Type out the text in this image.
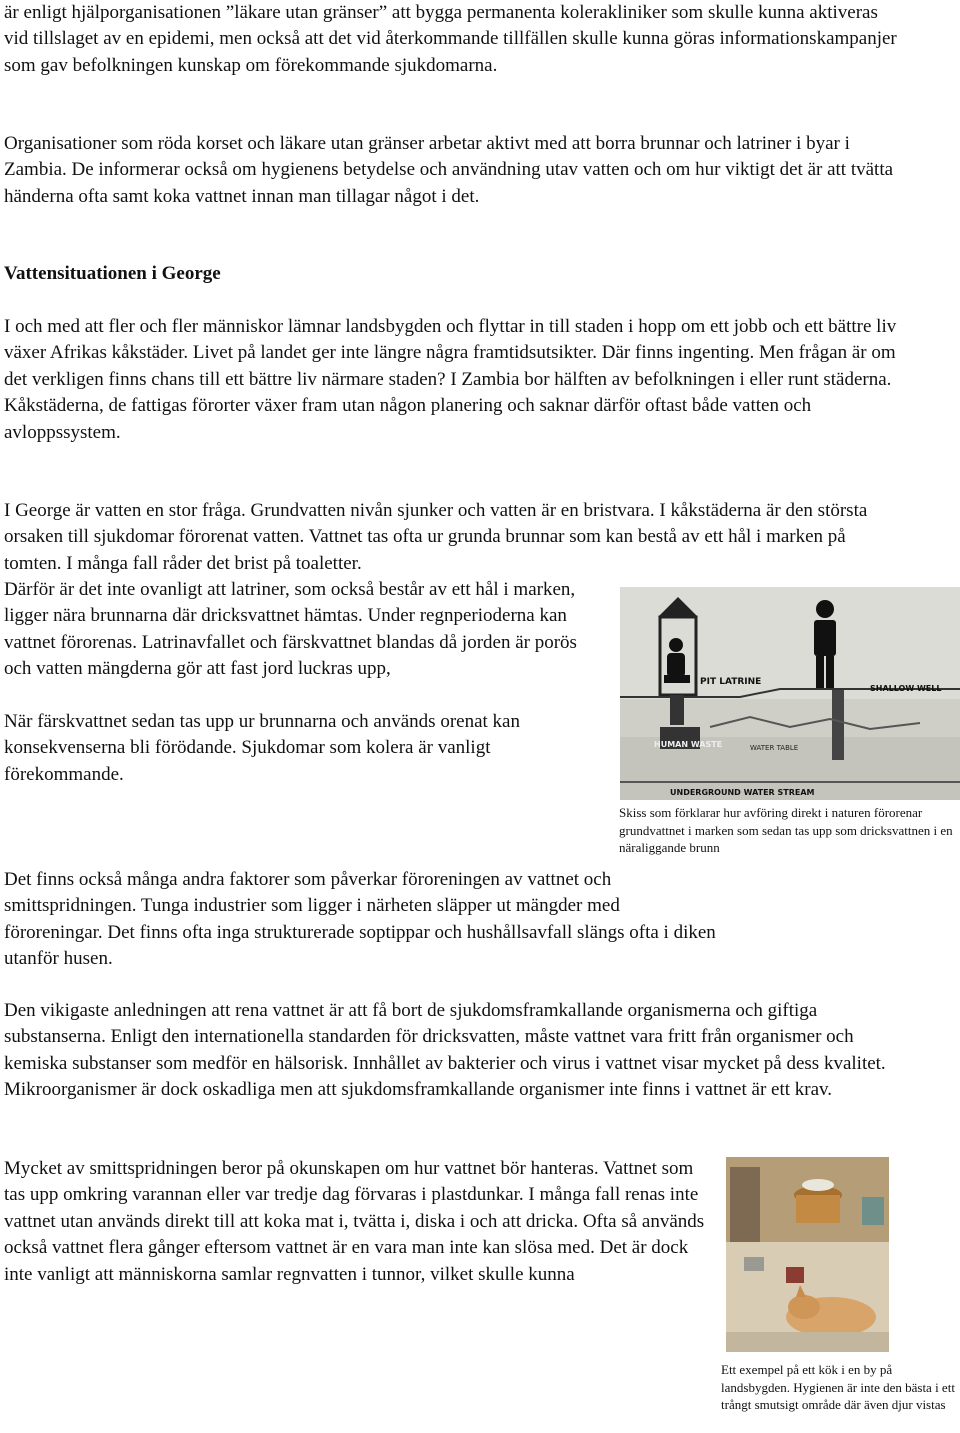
är enligt hjälporganisationen ”läkare utan gränser” att bygga permanenta kolerakliniker som skulle kunna aktiveras vid tillslaget av en epidemi, men också att det vid återkommande tillfällen skulle kunna göras informationskampanjer som gav befolkningen kunskap om förekommande sjukdomarna.

Organisationer som röda korset och läkare utan gränser arbetar aktivt med att borra brunnar och latriner i byar i Zambia. De informerar också om hygienens betydelse och användning utav vatten och om hur viktigt det är att tvätta händerna ofta samt koka vattnet innan man tillagar något i det.

Vattensituationen i George

I och med att fler och fler människor lämnar landsbygden och flyttar in till staden i hopp om ett jobb och ett bättre liv växer Afrikas kåkstäder. Livet på landet ger inte längre några framtidsutsikter. Där finns ingenting. Men frågan är om det verkligen finns chans till ett bättre liv närmare staden? I Zambia bor hälften av befolkningen i eller runt städerna. Kåkstäderna, de fattigas förorter växer fram utan någon planering och saknar därför oftast både vatten och avloppssystem.

I George är vatten en stor fråga. Grundvatten nivån sjunker och vatten är en bristvara. I kåkstäderna är den största orsaken till sjukdomar förorenat vatten. Vattnet tas ofta ur grunda brunnar som kan bestå av ett hål i marken på tomten. I många fall råder det brist på toaletter.

Därför är det inte ovanligt att latriner, som också består av ett hål i marken, ligger nära brunnarna där dricksvattnet hämtas. Under regnperioderna kan vattnet förorenas. Latrinavfallet och färskvattnet blandas då jorden är porös och vatten mängderna gör att fast jord luckras upp,

När färskvattnet sedan tas upp ur brunnarna och används orenat kan konsekvenserna bli förödande. Sjukdomar som kolera är vanligt förekommande.

PIT LATRINE
SHALLOW WELL
HUMAN WASTE	WATER TABLE
UNDERGROUND WATER STREAM

Skiss som förklarar hur avföring direkt i naturen förorenar grundvattnet i marken som sedan tas upp som dricksvattnen i en näraliggande brunn

Det finns också många andra faktorer som påverkar föroreningen av vattnet och smittspridningen. Tunga industrier som ligger i närheten släpper ut mängder med föroreningar. Det finns ofta inga strukturerade soptippar och hushållsavfall slängs ofta i diken utanför husen.

Den vikigaste anledningen att rena vattnet är att få bort de sjukdomsframkallande organismerna och giftiga substanserna. Enligt den internationella standarden för dricksvatten, måste vattnet vara fritt från organismer och kemiska substanser som medför en hälsorisk. Innhållet av bakterier och virus i vattnet visar mycket på dess kvalitet. Mikroorganismer är dock oskadliga men att sjukdomsframkallande organismer inte finns i vattnet är ett krav.

Mycket av smittspridningen beror på okunskapen om hur vattnet bör hanteras. Vattnet som tas upp omkring varannan eller var tredje dag förvaras i plastdunkar. I många fall renas inte vattnet utan används direkt till att koka mat i, tvätta i, diska i och att dricka. Ofta så används också vattnet flera gånger eftersom vattnet är en vara man inte kan slösa med. Det är dock inte vanligt att människorna samlar regnvatten i tunnor, vilket skulle kunna

Ett exempel på ett kök i en by på landsbygden. Hygienen är inte den bästa i ett trångt smutsigt område där även djur vistas
